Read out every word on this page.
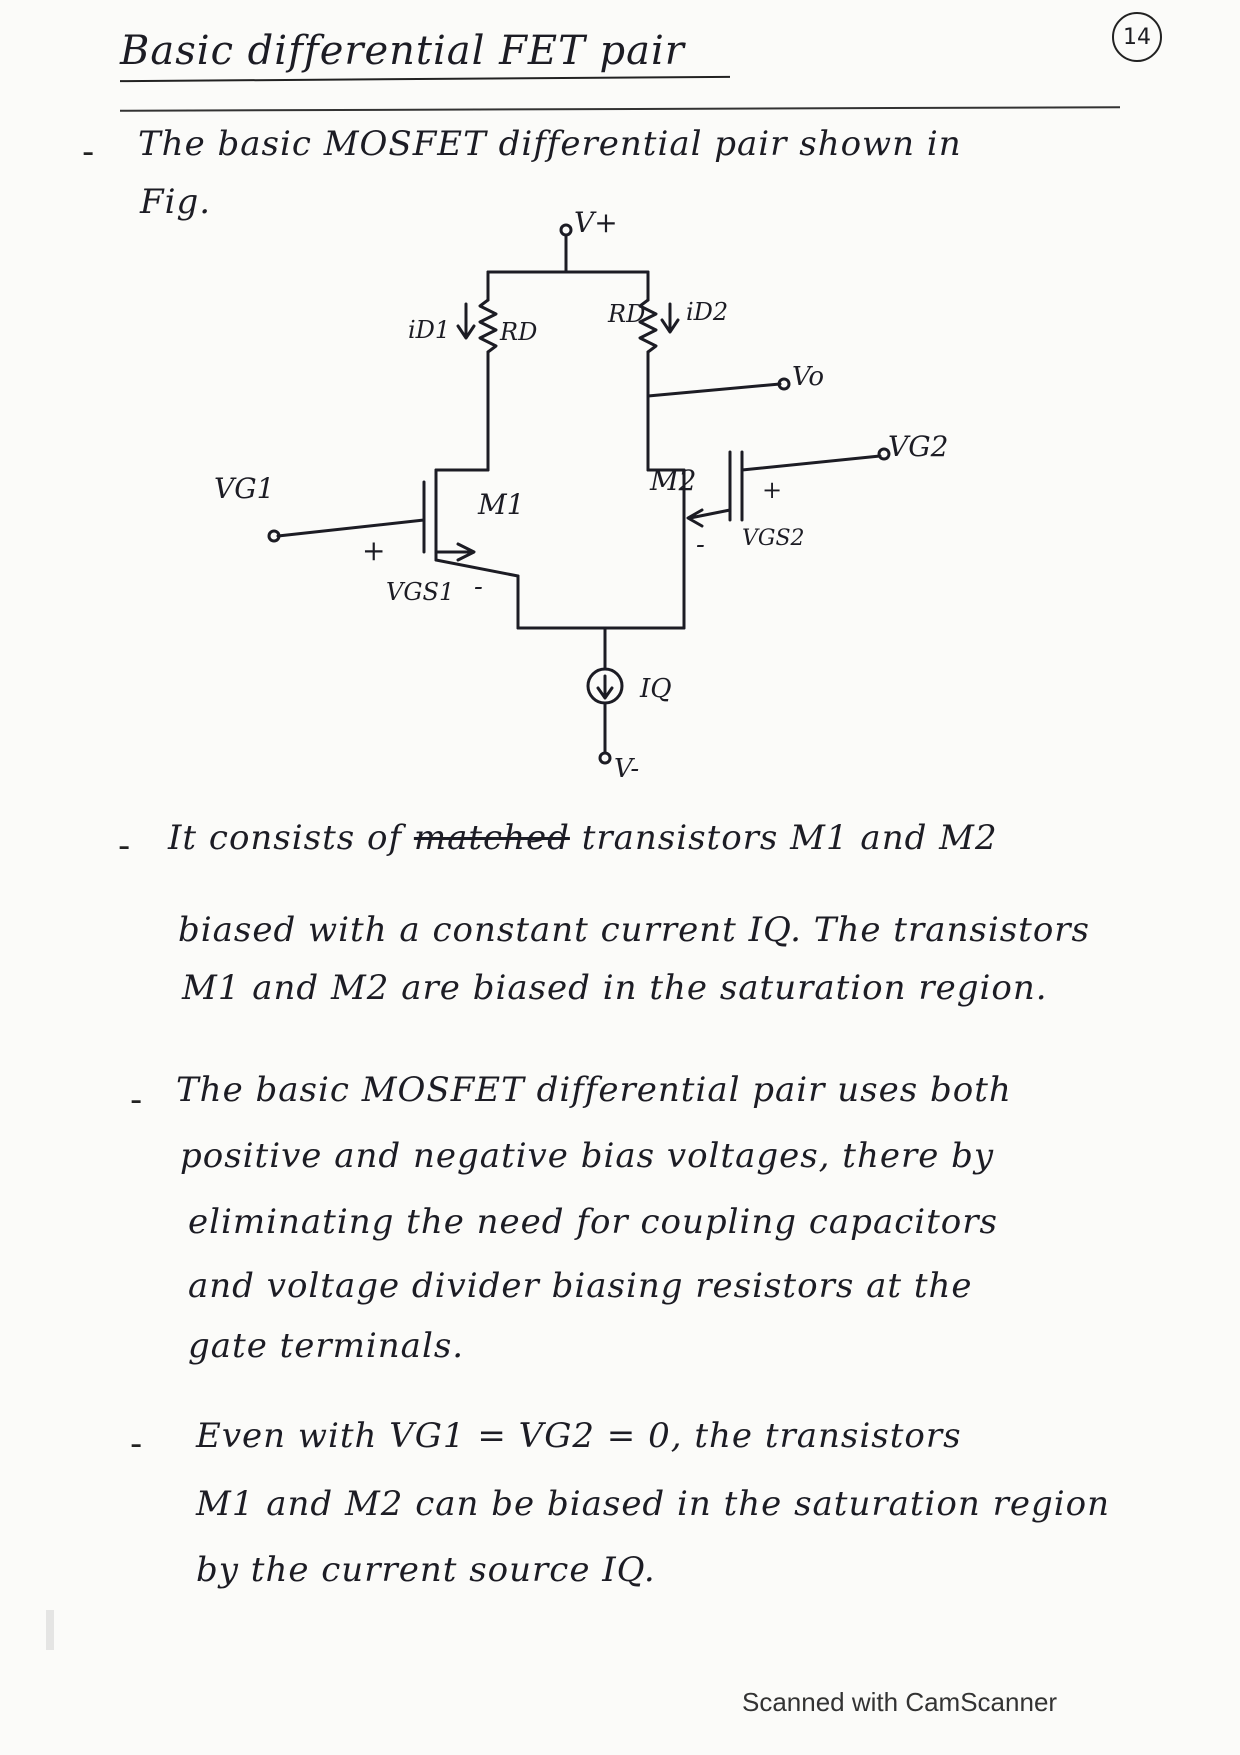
14
Basic differential FET pair
- The basic MOSFET differential pair shown in
Fig.
V+
iD1 RD
RD iD2
Vo
VG2
VG1	M1
M2
+
-
VGS1
+
- VGS2
IQ
V-
- It consists of matched transistors M1 and M2
biased with a constant current IQ. The transistors
M1 and M2 are biased in the saturation region.
- The basic MOSFET differential pair uses both
positive and negative bias voltages, there by
eliminating the need for coupling capacitors
and voltage divider biasing resistors at the
gate terminals.
- Even with VG1 = VG2 = 0, the transistors
M1 and M2 can be biased in the saturation region
by the current source IQ.
Scanned with CamScanner
